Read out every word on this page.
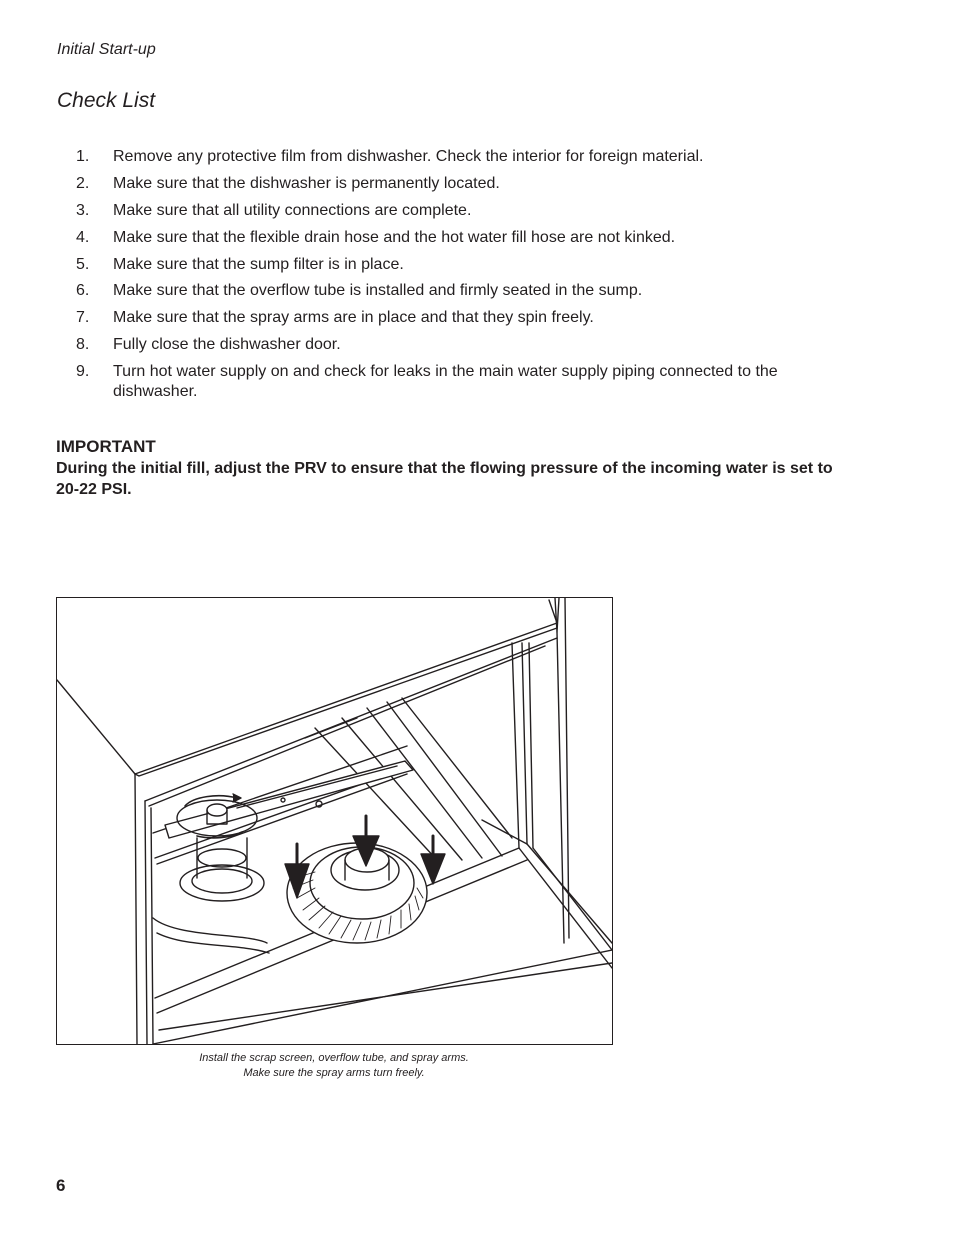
Initial Start-up
Check List
1.	Remove any protective film from dishwasher. Check the interior for foreign material.
2.	Make sure that the dishwasher is permanently located.
3.	Make sure that all utility connections are complete.
4.	Make sure that the flexible drain hose and the hot water fill hose are not kinked.
5.	Make sure that the sump filter is in place.
6.	Make sure that the overflow tube is installed and firmly seated in the sump.
7.	Make sure that the spray arms are in place and that they spin freely.
8.	Fully close the dishwasher door.
9.	Turn hot water supply on and check for leaks in the main water supply piping connected to the dishwasher.
IMPORTANT
During the initial fill, adjust the PRV to ensure that the flowing pressure of the incoming water is set to 20-22 PSI.
Install the scrap screen, overflow tube, and spray arms.
Make sure the spray arms turn freely.
6
